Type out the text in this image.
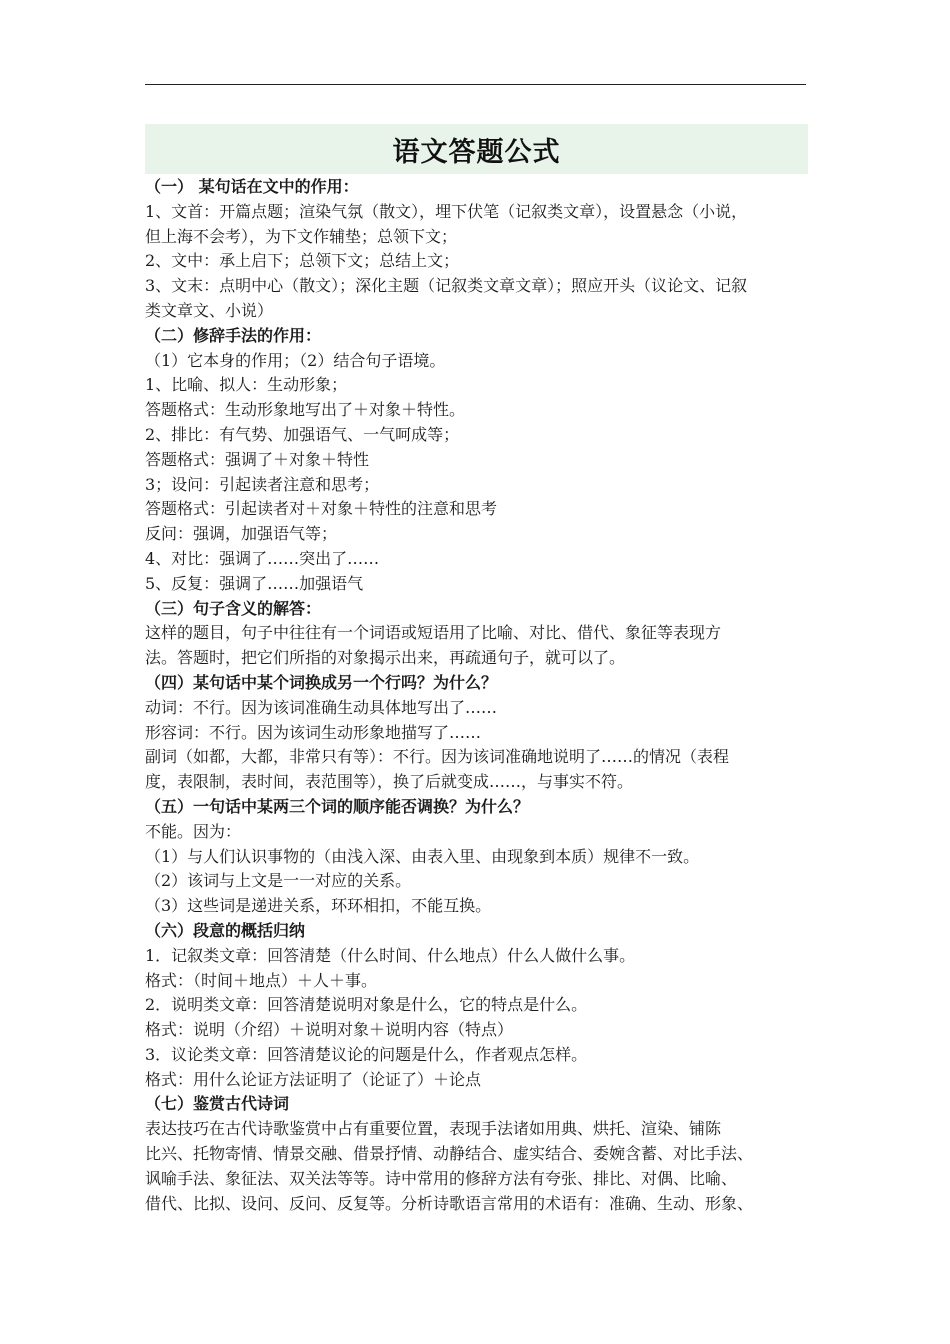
语文答题公式
（一） 某句话在文中的作用：
1、文首：开篇点题；渲染气氛（散文），埋下伏笔（记叙类文章），设置悬念（小说，
但上海不会考），为下文作辅垫；总领下文；
2、文中：承上启下；总领下文；总结上文；
3、文末：点明中心（散文）；深化主题（记叙类文章文章）；照应开头（议论文、记叙
类文章文、小说）
（二）修辞手法的作用：
（1）它本身的作用；（2）结合句子语境。
1、比喻、拟人：生动形象；
答题格式：生动形象地写出了＋对象＋特性。
2、排比：有气势、加强语气、一气呵成等；
答题格式：强调了＋对象＋特性
3；设问：引起读者注意和思考；
答题格式：引起读者对＋对象＋特性的注意和思考
反问：强调，加强语气等；
4、对比：强调了……突出了……
5、反复：强调了……加强语气
（三）句子含义的解答：
这样的题目，句子中往往有一个词语或短语用了比喻、对比、借代、象征等表现方
法。答题时，把它们所指的对象揭示出来，再疏通句子，就可以了。
（四）某句话中某个词换成另一个行吗？为什么？
动词：不行。因为该词准确生动具体地写出了……
形容词：不行。因为该词生动形象地描写了……
副词（如都，大都，非常只有等）：不行。因为该词准确地说明了……的情况（表程
度，表限制，表时间，表范围等），换了后就变成……，与事实不符。
（五）一句话中某两三个词的顺序能否调换？为什么？
不能。因为：
（1）与人们认识事物的（由浅入深、由表入里、由现象到本质）规律不一致。
（2）该词与上文是一一对应的关系。
（3）这些词是递进关系，环环相扣，不能互换。
（六）段意的概括归纳
1．记叙类文章：回答清楚（什么时间、什么地点）什么人做什么事。
格式：（时间＋地点）＋人＋事。
2．说明类文章：回答清楚说明对象是什么，它的特点是什么。
格式：说明（介绍）＋说明对象＋说明内容（特点）
3．议论类文章：回答清楚议论的问题是什么，作者观点怎样。
格式：用什么论证方法证明了（论证了）＋论点
（七）鉴赏古代诗词
表达技巧在古代诗歌鉴赏中占有重要位置，表现手法诸如用典、烘托、渲染、铺陈
比兴、托物寄情、情景交融、借景抒情、动静结合、虚实结合、委婉含蓄、对比手法、
讽喻手法、象征法、双关法等等。诗中常用的修辞方法有夸张、排比、对偶、比喻、
借代、比拟、设问、反问、反复等。分析诗歌语言常用的术语有：准确、生动、形象、
